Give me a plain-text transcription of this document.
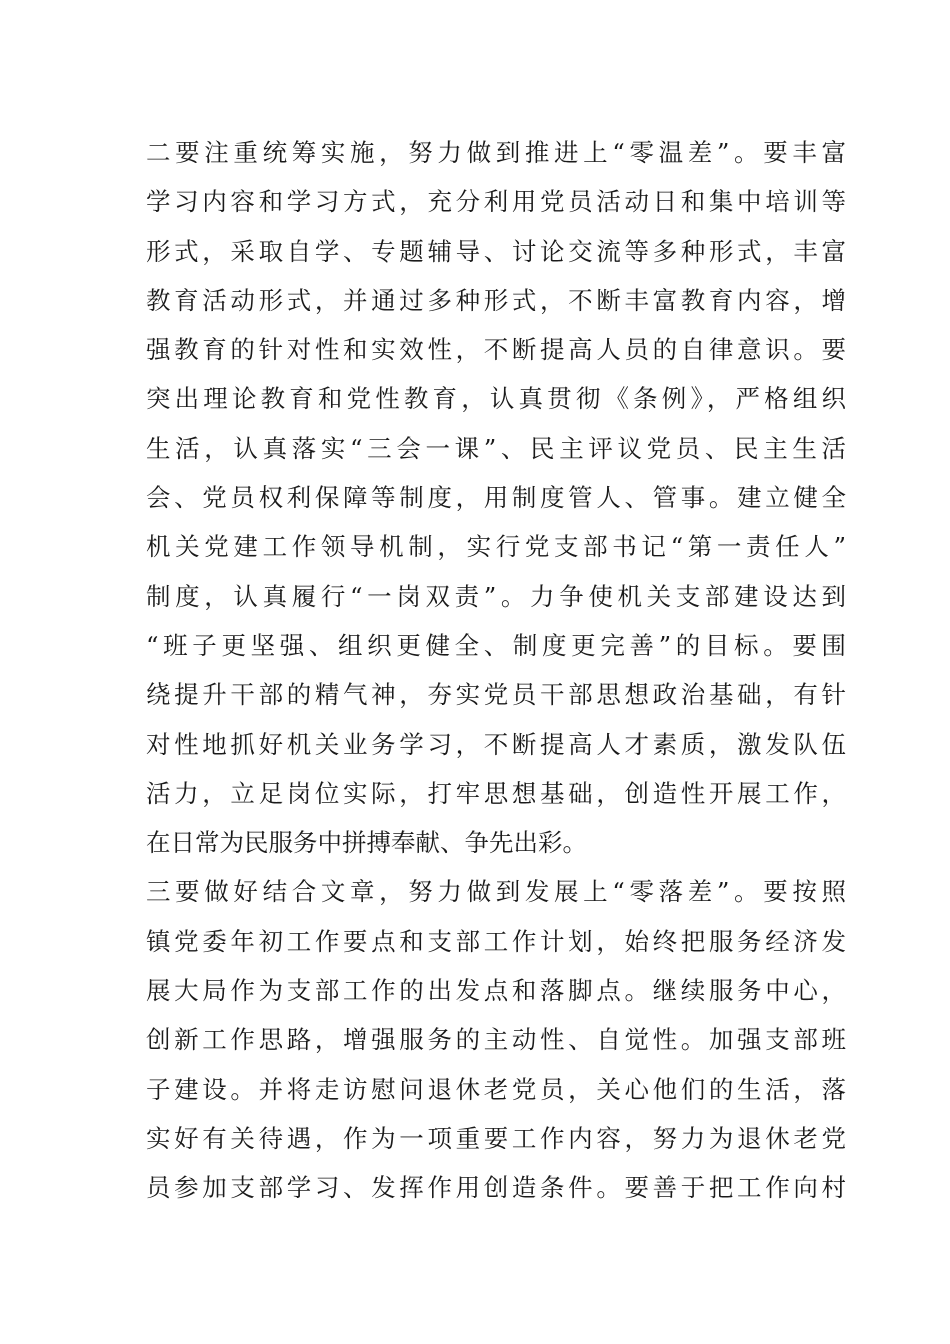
二要注重统筹实施，努力做到推进上“零温差”。要丰富
学习内容和学习方式，充分利用党员活动日和集中培训等
形式，采取自学、专题辅导、讨论交流等多种形式，丰富
教育活动形式，并通过多种形式，不断丰富教育内容，增
强教育的针对性和实效性，不断提高人员的自律意识。要
突出理论教育和党性教育，认真贯彻《条例》，严格组织
生活，认真落实“三会一课”、民主评议党员、民主生活
会、党员权利保障等制度，用制度管人、管事。建立健全
机关党建工作领导机制，实行党支部书记“第一责任人”
制度，认真履行“一岗双责”。力争使机关支部建设达到
“班子更坚强、组织更健全、制度更完善”的目标。要围
绕提升干部的精气神，夯实党员干部思想政治基础，有针
对性地抓好机关业务学习，不断提高人才素质，激发队伍
活力，立足岗位实际，打牢思想基础，创造性开展工作，
在日常为民服务中拼搏奉献、争先出彩。
三要做好结合文章，努力做到发展上“零落差”。要按照
镇党委年初工作要点和支部工作计划，始终把服务经济发
展大局作为支部工作的出发点和落脚点。继续服务中心，
创新工作思路，增强服务的主动性、自觉性。加强支部班
子建设。并将走访慰问退休老党员，关心他们的生活，落
实好有关待遇，作为一项重要工作内容，努力为退休老党
员参加支部学习、发挥作用创造条件。要善于把工作向村
